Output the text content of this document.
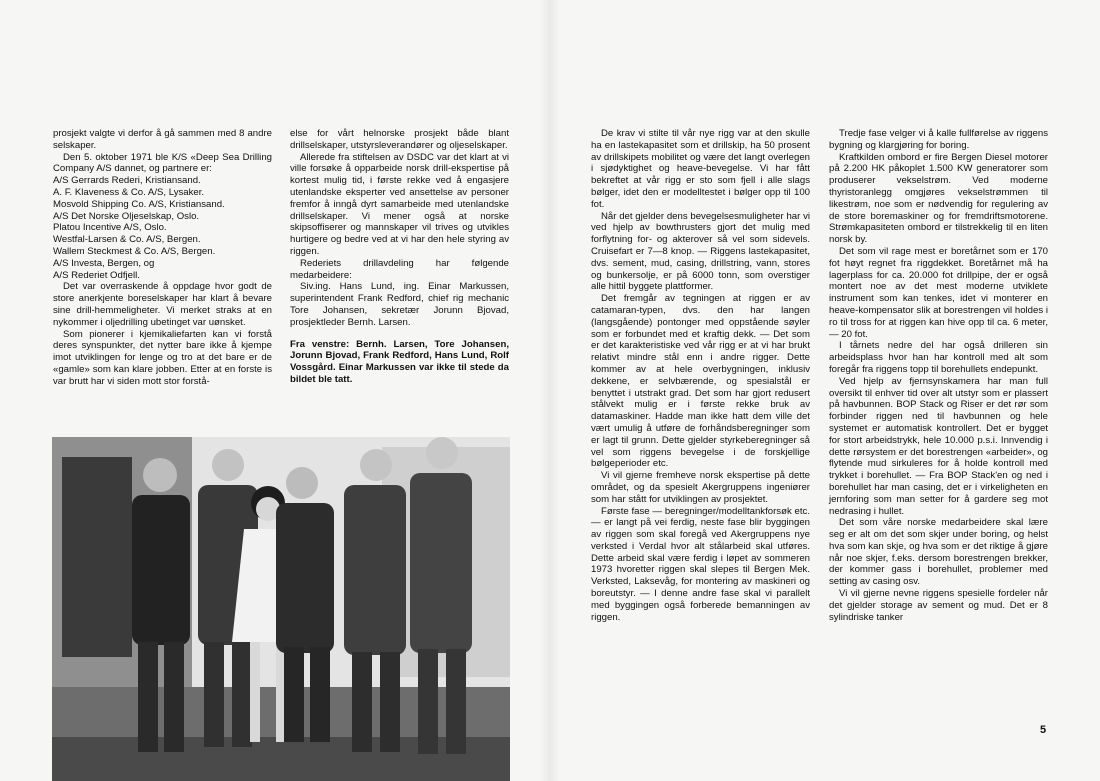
prosjekt valgte vi derfor å gå sammen med 8 andre selskaper.

Den 5. oktober 1971 ble K/S «Deep Sea Drilling Company A/S dannet, og partnere er:

A/S Gerrards Rederi, Kristiansand.

A. F. Klaveness & Co. A/S, Lysaker.

Mosvold Shipping Co. A/S, Kristiansand.

A/S Det Norske Oljeselskap, Oslo.

Platou Incentive A/S, Oslo.

Westfal-Larsen & Co. A/S, Bergen.

Wallem Steckmest & Co. A/S, Bergen.

A/S Investa, Bergen, og

A/S Rederiet Odfjell.

Det var overraskende å oppdage hvor godt de store anerkjente boreselskaper har klart å bevare sine drill-hemmeligheter. Vi merket straks at en nykommer i oljedrilling ubetinget var uønsket.

Som pionerer i kjemikaliefarten kan vi forstå deres synspunkter, det nytter bare ikke å kjempe imot utviklingen for lenge og tro at det bare er de «gamle» som kan klare jobben. Etter at en forste is var brutt har vi siden mott stor forstå-

else for vårt helnorske prosjekt både blant drillselskaper, utstyrsleverandører og oljeselskaper.

Allerede fra stiftelsen av DSDC var det klart at vi ville forsøke å opparbeide norsk drill-ekspertise på kortest mulig tid, i første rekke ved å engasjere utenlandske eksperter ved ansettelse av personer fremfor å inngå dyrt samarbeide med utenlandske drillselskaper. Vi mener også at norske skipsoffiserer og mannskaper vil trives og utvikles hurtigere og bedre ved at vi har den hele styring av riggen.

Rederiets drillavdeling har følgende medarbeidere:

Siv.ing. Hans Lund, ing. Einar Markussen, superintendent Frank Redford, chief rig mechanic Tore Johansen, sekretær Jorunn Bjovad, prosjektleder Bernh. Larsen.

Fra venstre: Bernh. Larsen, Tore Johansen, Jorunn Bjovad, Frank Redford, Hans Lund, Rolf Vossgård. Einar Markussen var ikke til stede da bildet ble tatt.

De krav vi stilte til vår nye rigg var at den skulle ha en lastekapasitet som et drillskip, ha 50 prosent av drillskipets mobilitet og være det langt overlegen i sjødyktighet og heave-bevegelse. Vi har fått bekreftet at vår rigg er sto som fjell i alle slags bølger, idet den er modelltestet i bølger opp til 100 fot.

Når det gjelder dens bevegelsesmuligheter har vi ved hjelp av bowthrusters gjort det mulig med forflytning for- og akterover så vel som sidevels. Cruisefart er 7—8 knop. — Riggens lastekapasitet, dvs. sement, mud, casing, drillstring, vann, stores og bunkersolje, er på 6000 tonn, som overstiger alle hittil byggete plattformer.

Det fremgår av tegningen at riggen er av catamaran-typen, dvs. den har langen (langsgående) pontonger med oppstående søyler som er forbundet med et kraftig dekk. — Det som er det karakteristiske ved vår rigg er at vi har brukt relativt mindre stål enn i andre rigger. Dette kommer av at hele overbygningen, inklusiv dekkene, er selvbærende, og spesialstål er benyttet i utstrakt grad. Det som har gjort redusert stålvekt mulig er i første rekke bruk av datamaskiner. Hadde man ikke hatt dem ville det vært umulig å utføre de forhåndsberegninger som er lagt til grunn. Dette gjelder styrkeberegninger så vel som riggens bevegelse i de forskjellige bølgeperioder etc.

Vi vil gjerne fremheve norsk ekspertise på dette området, og da spesielt Akergruppens ingeniører som har stått for utviklingen av prosjektet.

Første fase — beregninger/modelltankforsøk etc. — er langt på vei ferdig, neste fase blir byggingen av riggen som skal foregå ved Akergruppens nye verksted i Verdal hvor alt stålarbeid skal utføres. Dette arbeid skal være ferdig i løpet av sommeren 1973 hvoretter riggen skal slepes til Bergen Mek. Verksted, Laksevåg, for montering av maskineri og boreutstyr. — I denne andre fase skal vi parallelt med byggingen også forberede bemanningen av riggen.

Tredje fase velger vi å kalle fullførelse av riggens bygning og klargjøring for boring.

Kraftkilden ombord er fire Bergen Diesel motorer på 2.200 HK påkoplet 1.500 KW generatorer som produserer vekselstrøm. Ved moderne thyristoranlegg omgjøres vekselstrømmen til likestrøm, noe som er nødvendig for regulering av de store boremaskiner og for fremdriftsmotorene. Strømkapasiteten ombord er tilstrekkelig til en liten norsk by.

Det som vil rage mest er boretårnet som er 170 fot høyt regnet fra riggdekket. Boretårnet må ha lagerplass for ca. 20.000 fot drillpipe, der er også montert noe av det mest moderne utviklete instrument som kan tenkes, idet vi monterer en heave-kompensator slik at borestrengen vil holdes i ro til tross for at riggen kan hive opp til ca. 6 meter,— 20 fot.

I tårnets nedre del har også drilleren sin arbeidsplass hvor han har kontroll med alt som foregår fra riggens topp til borehullets endepunkt.

Ved hjelp av fjernsynskamera har man full oversikt til enhver tid over alt utstyr som er plassert på havbunnen. BOP Stack og Riser er det rør som forbinder riggen ned til havbunnen og hele systemet er automatisk kontrollert. Det er bygget for stort arbeidstrykk, hele 10.000 p.s.i. Innvendig i dette rørsystem er det borestrengen «arbeider», og flytende mud sirkuleres for å holde kontroll med trykket i borehullet. — Fra BOP Stack'en og ned i borehullet har man casing, det er i virkeligheten en jernforing som man setter for å gardere seg mot nedrasing i hullet.

Det som våre norske medarbeidere skal lære seg er alt om det som skjer under boring, og helst hva som kan skje, og hva som er det riktige å gjøre når noe skjer, f.eks. dersom borestrengen brekker, der kommer gass i borehullet, problemer med setting av casing osv.

Vi vil gjerne nevne riggens spesielle fordeler når det gjelder storage av sement og mud. Det er 8 sylindriske tanker

5
